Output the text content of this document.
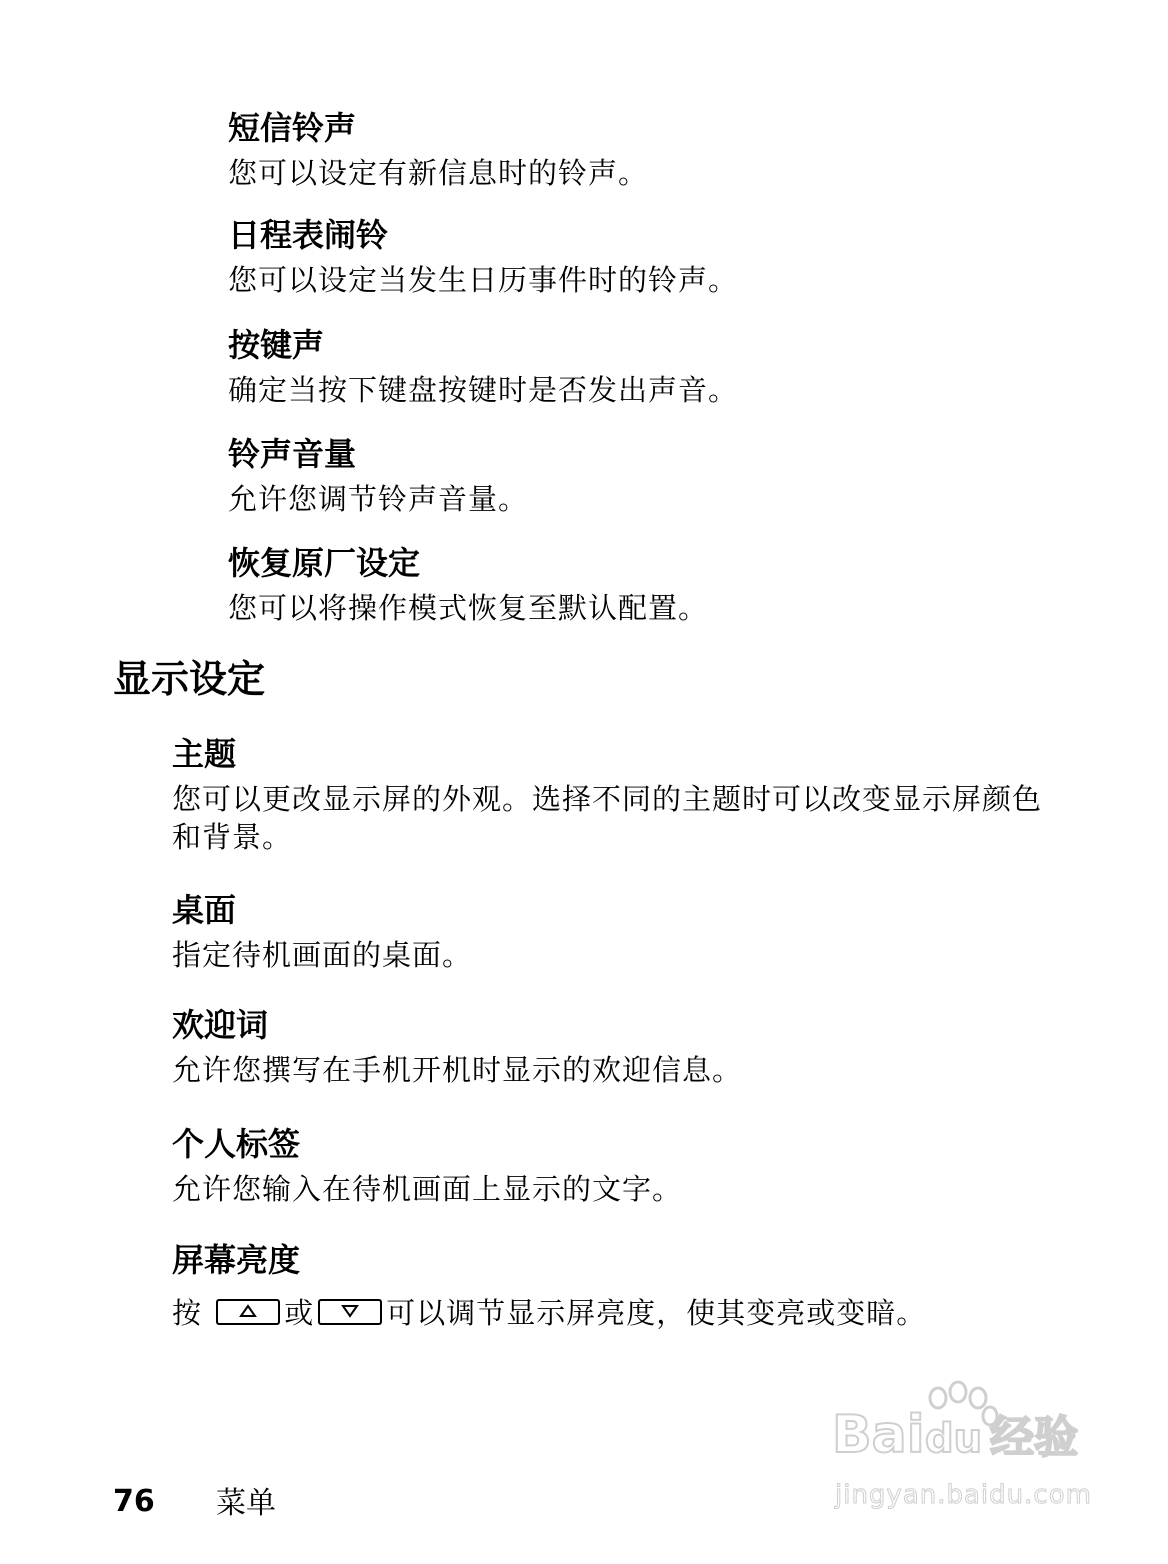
短信铃声

您可以设定有新信息时的铃声。

日程表闹铃

您可以设定当发生日历事件时的铃声。

按键声

确定当按下键盘按键时是否发出声音。

铃声音量

允许您调节铃声音量。

恢复原厂设定

您可以将操作模式恢复至默认配置。

显示设定

主题

您可以更改显示屏的外观。选择不同的主题时可以改变显示屏颜色和背景。

桌面

指定待机画面的桌面。

欢迎词

允许您撰写在手机开机时显示的欢迎信息。

个人标签

允许您输入在待机画面上显示的文字。

屏幕亮度

按	或 可以调节显示屏亮度，使其变亮或变暗。

76 菜单
Bai du 经验
jingyan.baidu.com
